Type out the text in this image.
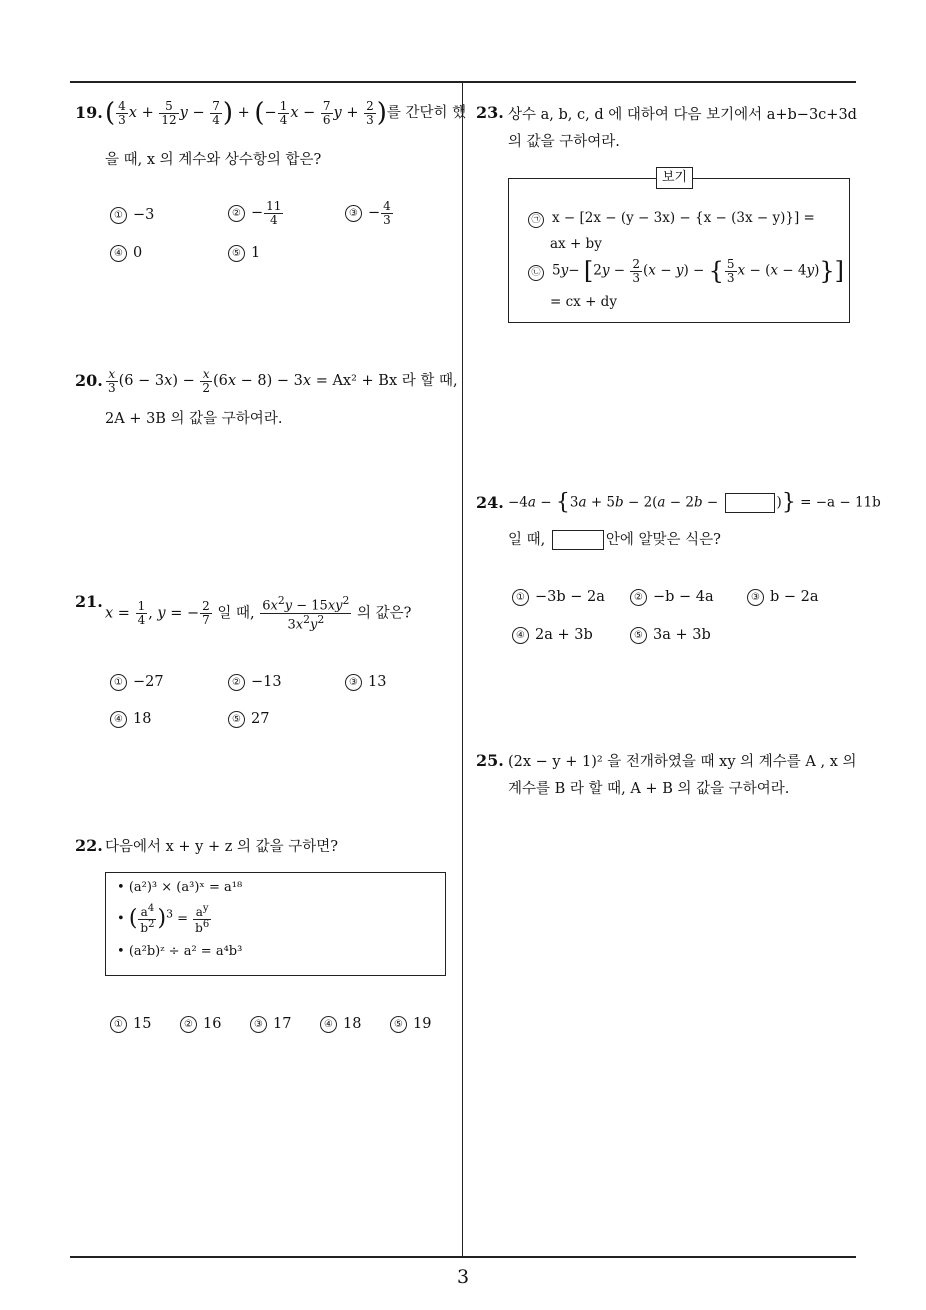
19. ( $\frac{4}{3}$ $x + \frac{5}{12}$ $y - \frac{7}{4}$ ) + (− $\frac{1}{4}$ $x - \frac{7}{6}$ $y + \frac{2}{3}$ )를 간단히 했
을 때, x 의 계수와 상수항의 합은?
① −3	② − $\frac{11}{4}$	③ − $\frac{4}{3}$
④ 0	⑤ 1
20. $\frac{x}{3} (6 - 3x) - \frac{x}{2} (6x - 8) - 3x = Ax^2 + Bx$ 라 할 때,
2A + 3B 의 값을 구하여라.
21.
$x = \frac{1}{4}$ , y = − $\frac{2}{7}$ 일 때, $\frac{6x^2y - 15xy^2}{3x^2y^2}$ 의 값은?
① −27	② −13	③ 13
④ 18	⑤ 27
22. 다음에서 x + y + z 의 값을 구하면?
• (a²)³ × (a³)ˣ = a¹⁸
• ( $\frac{a^4}{b^2} )^3 = \frac{a^y}{b^6}$
• (a²b)ᶻ ÷ a² = a⁴b³
① 15	② 16	③ 17	④ 18	⑤ 19
23. 상수 a, b, c, d 에 대하여 다음 보기에서 a+b−3c+3d
의 값을 구하여라.
보기
㉠ x − [2x − (y − 3x) − {x − (3x − y)}] =
ax + by
㉡ $5y- [2y - \frac{2}{3} (x - y)$ − { $\frac{5}{3}$ x − (x − 4y)}]
= cx + dy
24. −4a − {3a + 5b − 2(a − 2b −	)} = −a − 11b
일 때,	안에 알맞은 식은?
① −3b − 2a	② −b − 4a	③ b − 2a
④ 2a + 3b	⑤ 3a + 3b
25. (2x − y + 1)² 을 전개하였을 때 xy 의 계수를 A , x 의
계수를 B 라 할 때, A + B 의 값을 구하여라.
3
